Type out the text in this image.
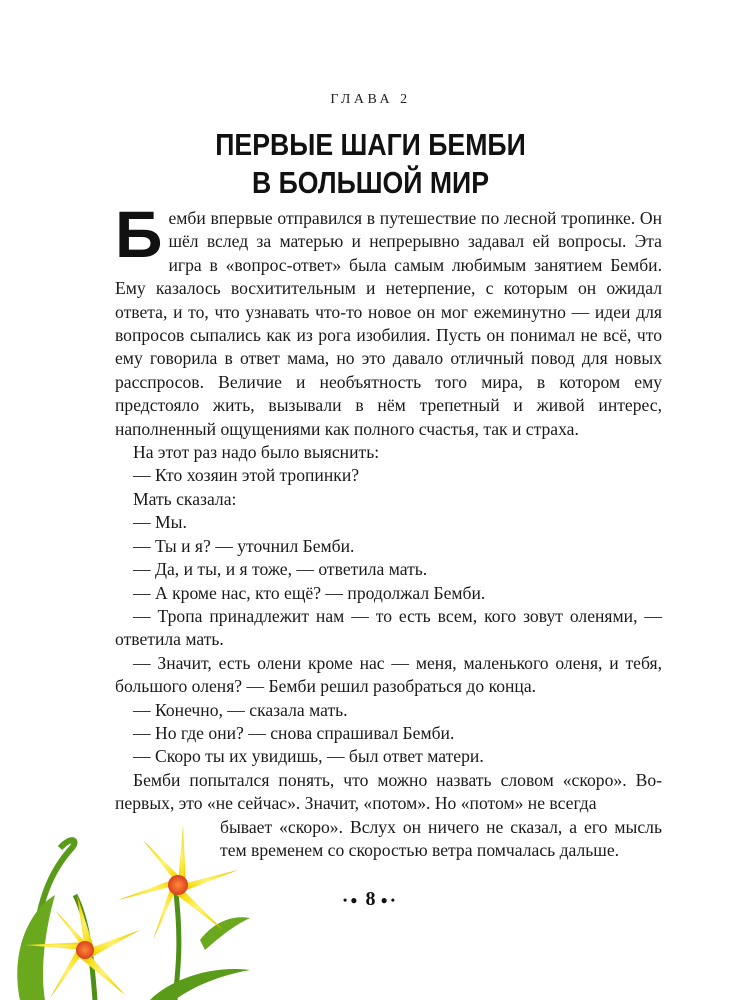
ГЛАВА 2
ПЕРВЫЕ ШАГИ БЕМБИ
В БОЛЬШОЙ МИР

Бемби впервые отправился в путешествие по лесной тропинке. Он шёл вслед за матерью и непрерывно задавал ей вопросы. Эта игра в «вопрос-ответ» была самым любимым занятием Бемби. Ему казалось восхитительным и нетерпение, с которым он ожидал ответа, и то, что узнавать что-то новое он мог ежеминутно — идеи для вопросов сыпались как из рога изобилия. Пусть он понимал не всё, что ему говорила в ответ мама, но это давало отличный повод для новых расспросов. Величие и необъятность того мира, в котором ему предстояло жить, вызывали в нём трепетный и живой интерес, наполненный ощущениями как полного счастья, так и страха.

На этот раз надо было выяснить:

— Кто хозяин этой тропинки?

Мать сказала:

— Мы.

— Ты и я? — уточнил Бемби.

— Да, и ты, и я тоже, — ответила мать.

— А кроме нас, кто ещё? — продолжал Бемби.

— Тропа принадлежит нам — то есть всем, кого зовут оленями, — ответила мать.

— Значит, есть олени кроме нас — меня, маленького оленя, и тебя, большого оленя? — Бемби решил разобраться до конца.

— Конечно, — сказала мать.

— Но где они? — снова спрашивал Бемби.

— Скоро ты их увидишь, — был ответ матери.

Бемби попытался понять, что можно назвать словом «скоро». Во-первых, это «не сейчас». Значит, «потом». Но «потом» не всегда

бывает «скоро». Вслух он ничего не сказал, а его мысль тем временем со скоростью ветра помчалась дальше.

•● 8 ●•
